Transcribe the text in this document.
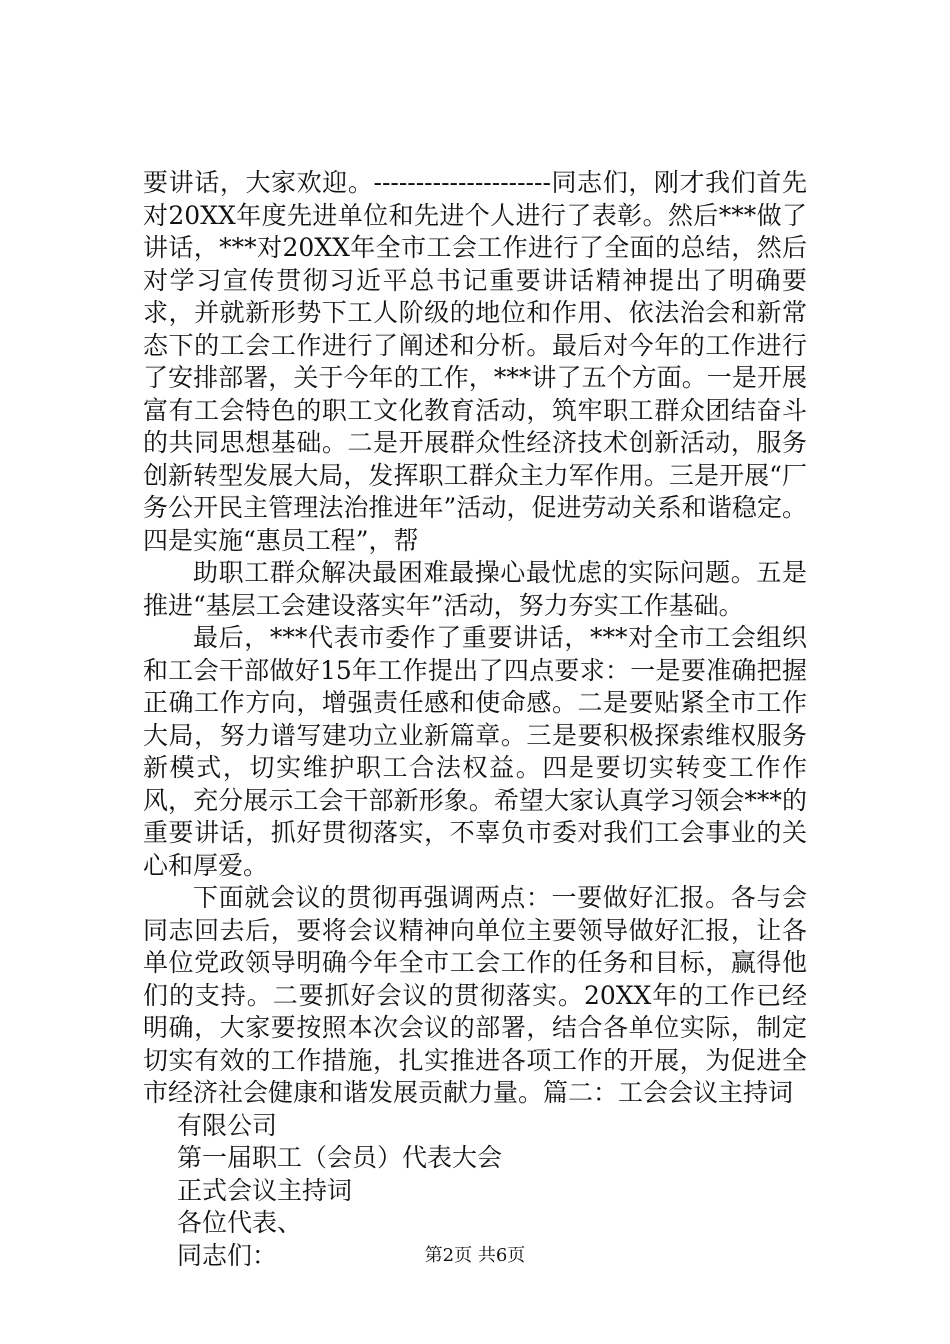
要讲话，大家欢迎。---------------------同志们，刚才我们首先对20XX年度先进单位和先进个人进行了表彰。然后***做了讲话，***对20XX年全市工会工作进行了全面的总结，然后对学习宣传贯彻习近平总书记重要讲话精神提出了明确要求，并就新形势下工人阶级的地位和作用、依法治会和新常态下的工会工作进行了阐述和分析。最后对今年的工作进行了安排部署，关于今年的工作，***讲了五个方面。一是开展富有工会特色的职工文化教育活动，筑牢职工群众团结奋斗的共同思想基础。二是开展群众性经济技术创新活动，服务创新转型发展大局，发挥职工群众主力军作用。三是开展“厂务公开民主管理法治推进年”活动，促进劳动关系和谐稳定。四是实施“惠员工程”，帮

助职工群众解决最困难最操心最忧虑的实际问题。五是推进“基层工会建设落实年”活动，努力夯实工作基础。

最后，***代表市委作了重要讲话，***对全市工会组织和工会干部做好15年工作提出了四点要求：一是要准确把握正确工作方向，增强责任感和使命感。二是要贴紧全市工作大局，努力谱写建功立业新篇章。三是要积极探索维权服务新模式，切实维护职工合法权益。四是要切实转变工作作风，充分展示工会干部新形象。希望大家认真学习领会***的重要讲话，抓好贯彻落实，不辜负市委对我们工会事业的关心和厚爱。

下面就会议的贯彻再强调两点：一要做好汇报。各与会同志回去后，要将会议精神向单位主要领导做好汇报，让各单位党政领导明确今年全市工会工作的任务和目标，赢得他们的支持。二要抓好会议的贯彻落实。20XX年的工作已经明确，大家要按照本次会议的部署，结合各单位实际，制定切实有效的工作措施，扎实推进各项工作的开展，为促进全市经济社会健康和谐发展贡献力量。篇二：工会会议主持词

有限公司

第一届职工（会员）代表大会

正式会议主持词

各位代表、

同志们：	第2页 共6页
